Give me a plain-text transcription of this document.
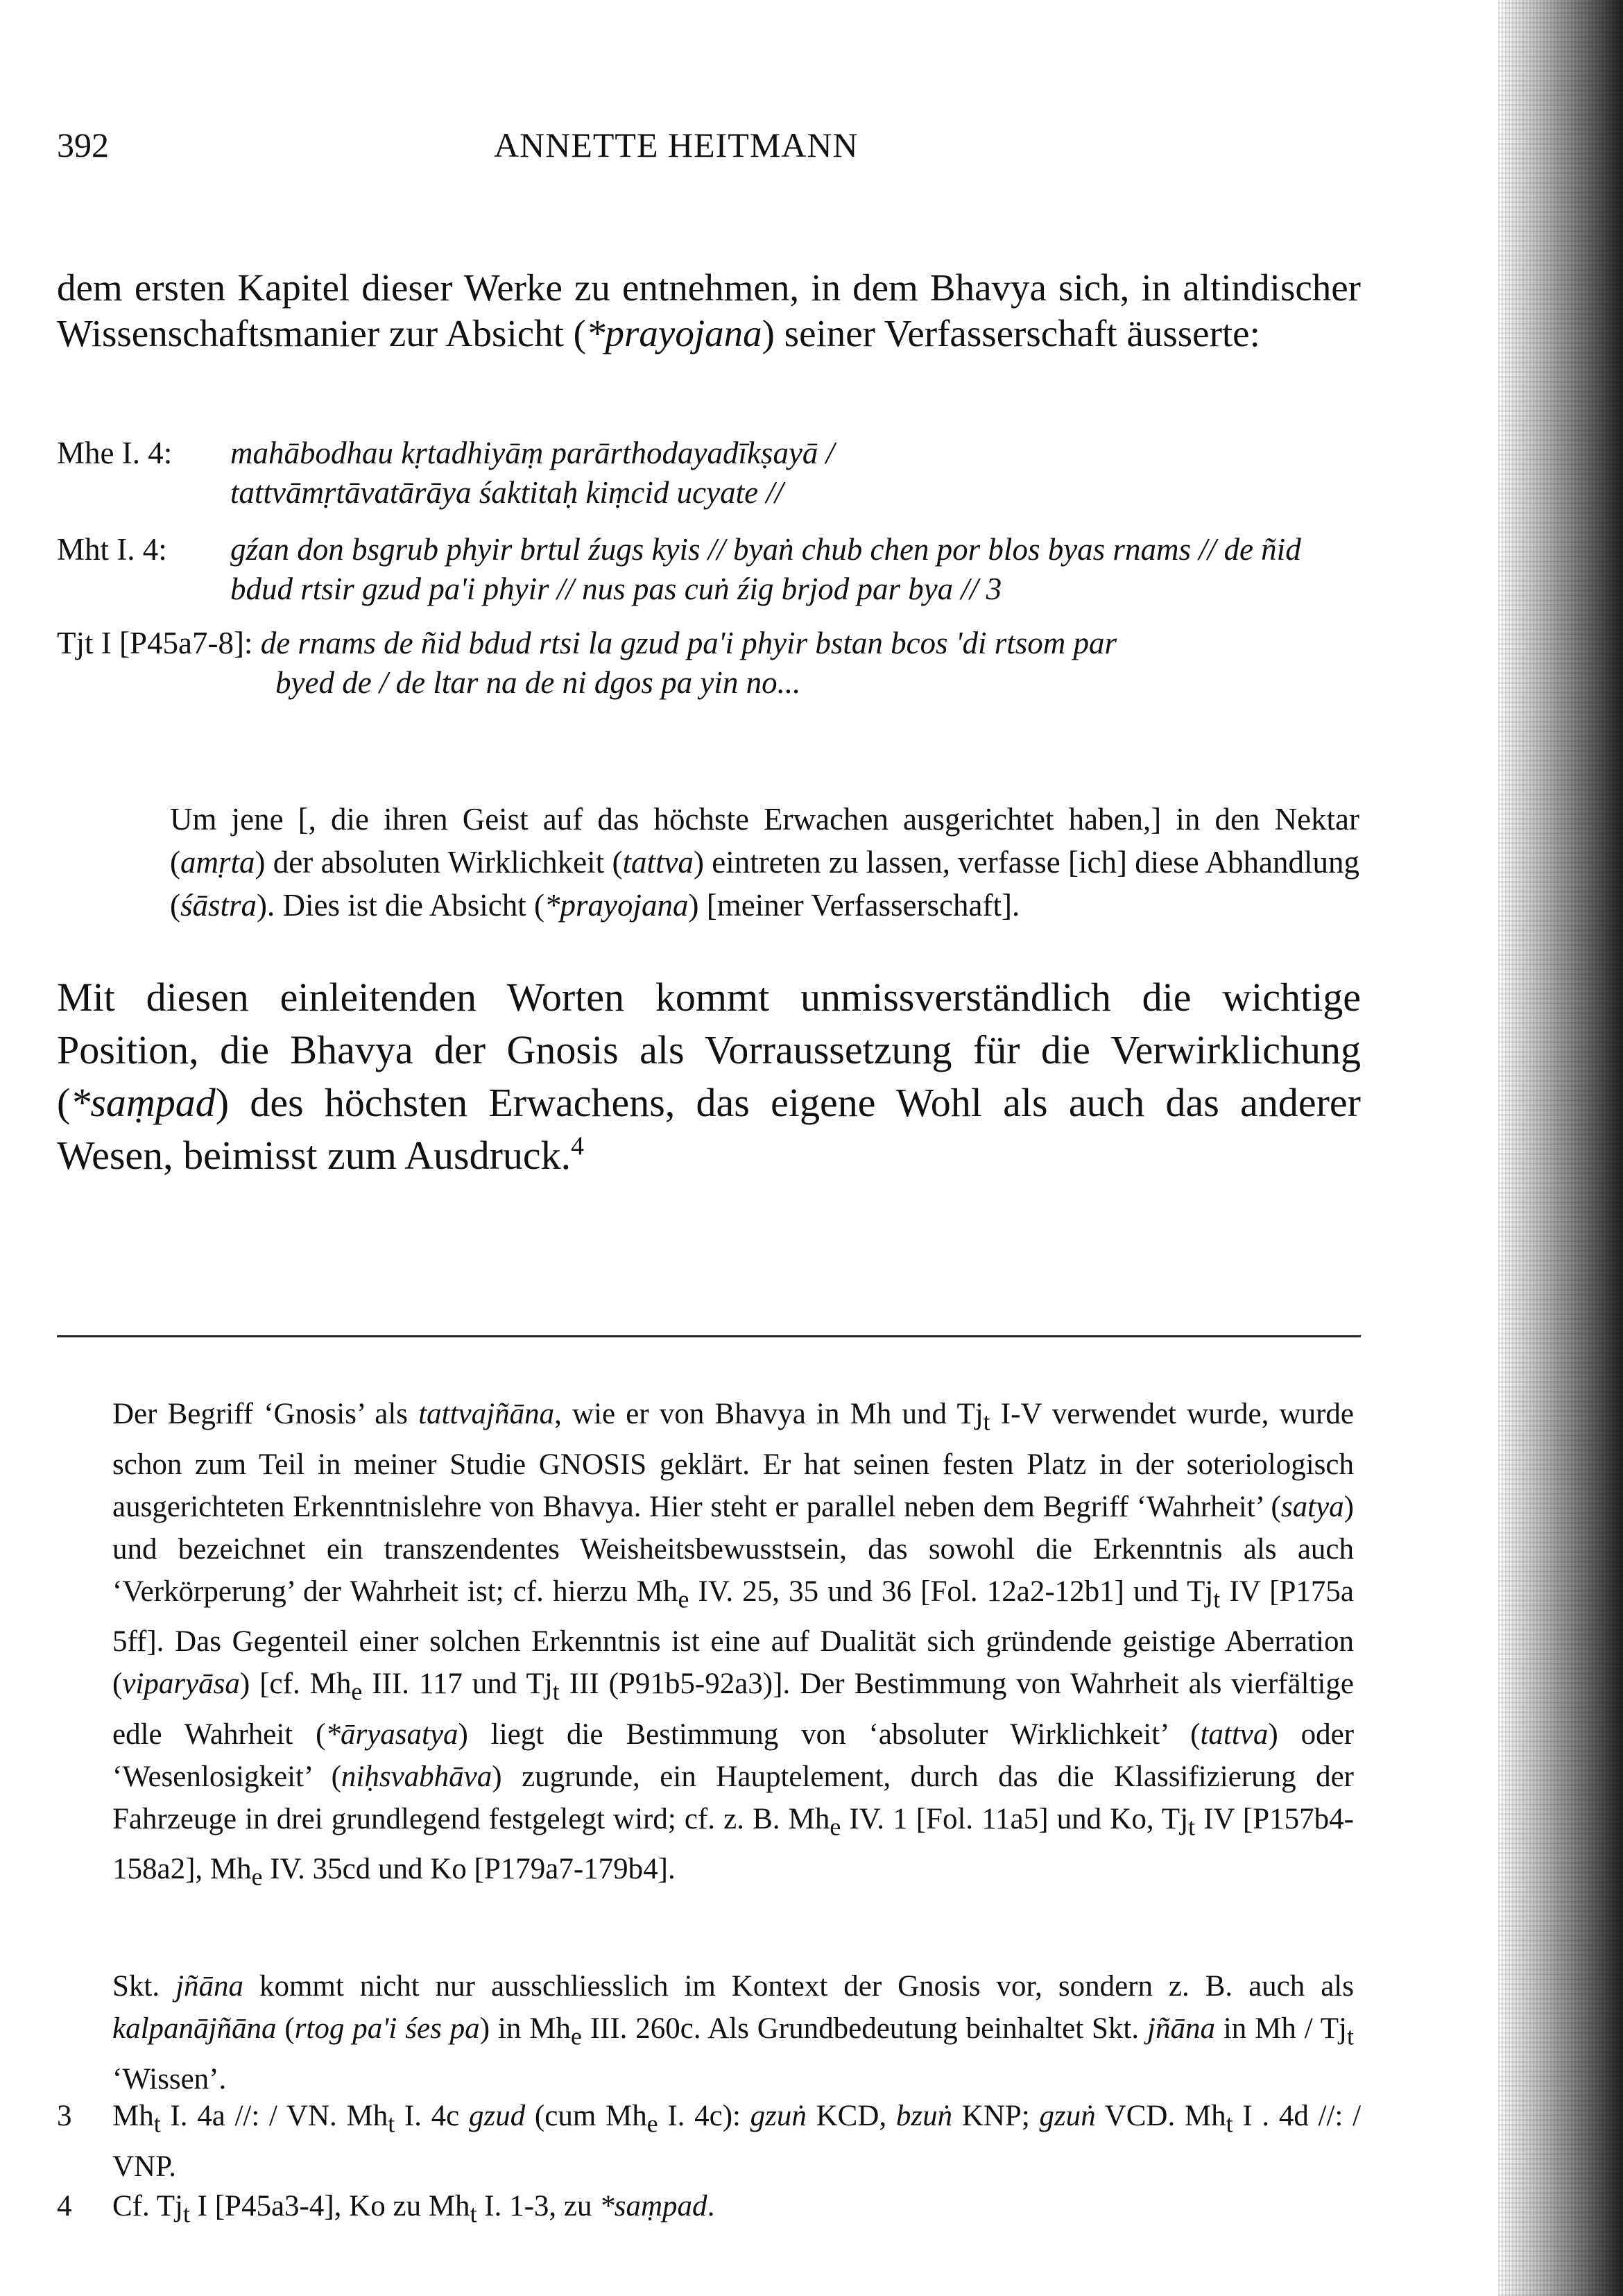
392	ANNETTE HEITMANN

dem ersten Kapitel dieser Werke zu entnehmen, in dem Bhavya sich, in altindischer Wissenschaftsmanier zur Absicht (*prayojana) seiner Verfasserschaft äusserte:

Mhe I. 4:	mahābodhau kṛtadhiyāṃ parārthodayadīkṣayā /
tattvāmṛtāvatārāya śaktitaḥ kiṃcid ucyate //
Mht I. 4:	gźan don bsgrub phyir brtul źugs kyis // byaṅ chub chen por blos byas rnams // de ñid bdud rtsir gzud pa'i phyir // nus pas cuṅ źig brjod par bya // 3
Tjt I [P45a7-8]: de rnams de ñid bdud rtsi la gzud pa'i phyir bstan bcos 'di rtsom par
byed de / de ltar na de ni dgos pa yin no...

Um jene [, die ihren Geist auf das höchste Erwachen ausgerichtet haben,] in den Nektar (amṛta) der absoluten Wirklichkeit (tattva) eintreten zu lassen, verfasse [ich] diese Abhandlung (śāstra). Dies ist die Absicht (*prayojana) [meiner Verfasserschaft].

Mit diesen einleitenden Worten kommt unmissverständlich die wichtige Position, die Bhavya der Gnosis als Vorraussetzung für die Verwirklichung (*saṃpad) des höchsten Erwachens, das eigene Wohl als auch das anderer Wesen, beimisst zum Ausdruck.$^4$

Der Begriff ‘Gnosis’ als tattvajñāna, wie er von Bhavya in Mh und $Tj_t$ I-V verwendet wurde, wurde schon zum Teil in meiner Studie GNOSIS geklärt. Er hat seinen festen Platz in der soteriologisch ausgerichteten Erkenntnislehre von Bhavya. Hier steht er parallel neben dem Begriff ‘Wahrheit’ (satya) und bezeichnet ein transzendentes Weisheitsbewusstsein, das sowohl die Erkenntnis als auch ‘Verkörperung’ der Wahrheit ist; cf. hierzu $Mh_e$ IV. 25, 35 und 36 [Fol. 12a2-12b1] und $Tj_t$ IV [P175a 5ff]. Das Gegenteil einer solchen Erkenntnis ist eine auf Dualität sich gründende geistige Aberration (viparyāsa) [cf. $Mh_e$ III. 117 und $Tj_t$ III (P91b5-92a3)]. Der Bestimmung von Wahrheit als vierfältige edle Wahrheit (*āryasatya) liegt die Bestimmung von ‘absoluter Wirklichkeit’ (tattva) oder ‘Wesenlosigkeit’ (niḥsvabhāva) zugrunde, ein Hauptelement, durch das die Klassifizierung der Fahrzeuge in drei grundlegend festgelegt wird; cf. z. B. $Mh_e$ IV. 1 [Fol. 11a5] und Ko, $Tj_t$ IV [P157b4-158a2], $Mh_e$ IV. 35cd und Ko [P179a7-179b4].

Skt. jñāna kommt nicht nur ausschliesslich im Kontext der Gnosis vor, sondern z. B. auch als kalpanājñāna (rtog pa'i śes pa) in $Mh_e$ III. 260c. Als Grundbedeutung beinhaltet Skt. jñāna in Mh / $Tj_t$ ‘Wissen’.

3	$Mh_t$ I. 4a //: / VN. $Mh_t$ I. 4c gzud (cum $Mh_e$ I. 4c): gzuṅ KCD, bzuṅ KNP; gzuṅ VCD. $Mh_t$ I . 4d //: / VNP.
4	Cf. $Tj_t$ I [P45a3-4], Ko zu $Mh_t$ I. 1-3, zu *saṃpad.
